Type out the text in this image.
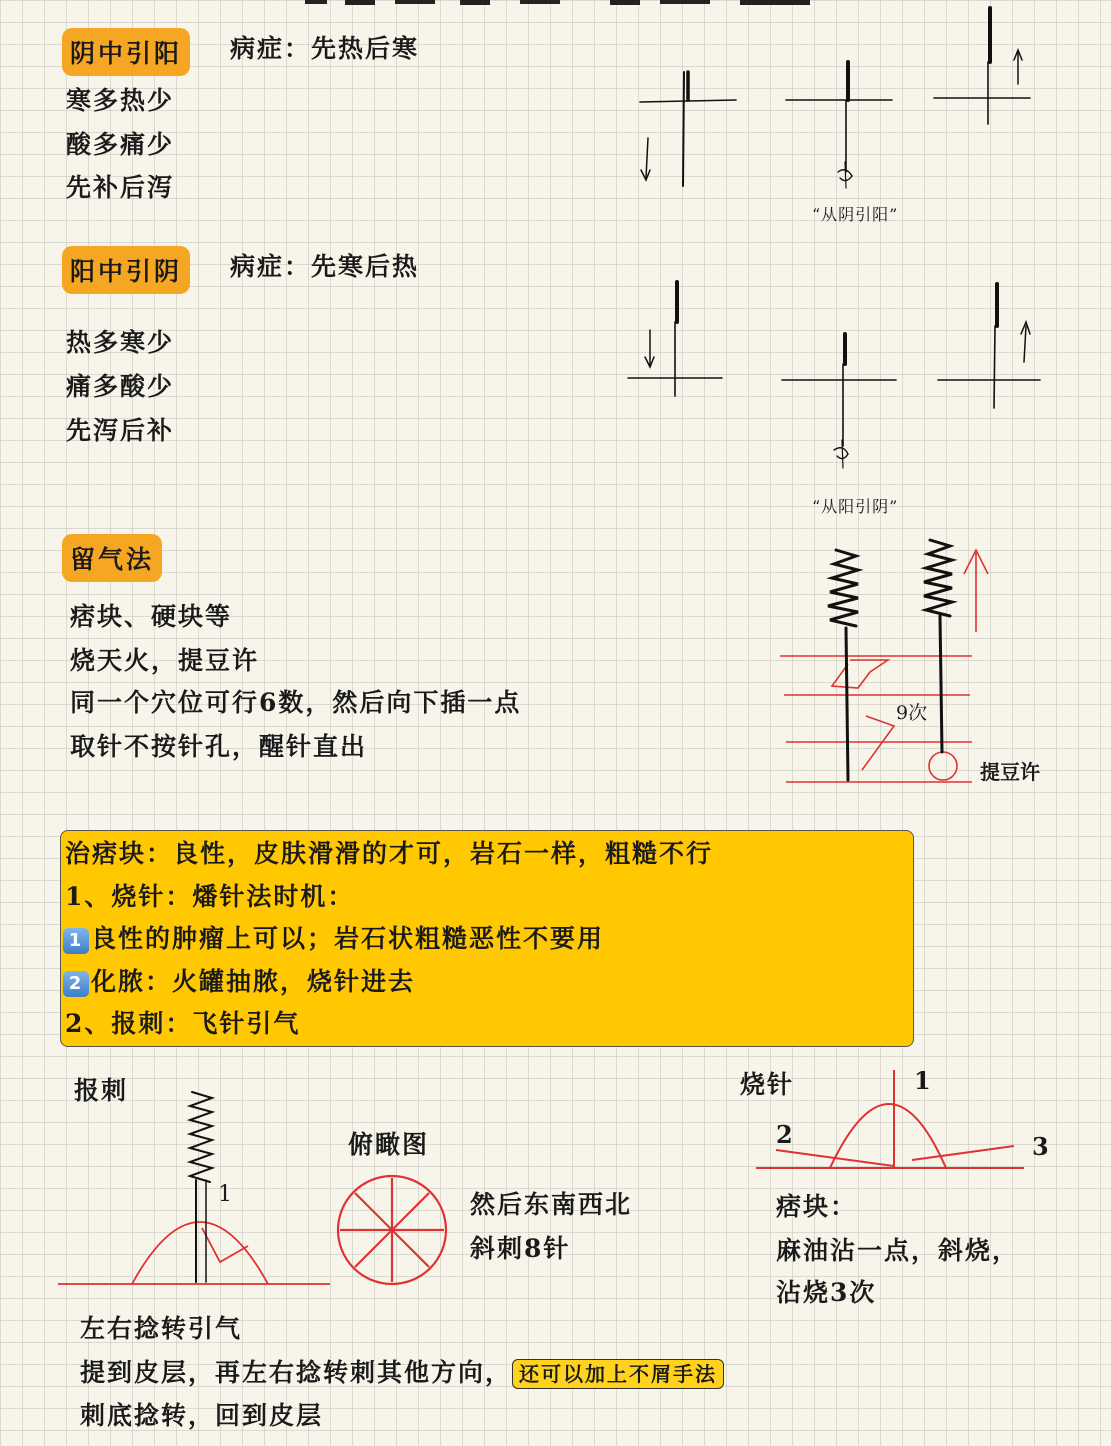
阴中引阳	病症：先热后寒
寒多热少
酸多痛少
先补后泻
“从阴引阳”
阳中引阴	病症：先寒后热
热多寒少
痛多酸少
先泻后补
“从阳引阴”
留气法
痞块、硬块等
烧天火，提豆许
同一个穴位可行6数，然后向下插一点
取针不按针孔，醒针直出
9次
提豆许
治痞块：良性，皮肤滑滑的才可，岩石一样，粗糙不行
1、烧针：燔针法时机：
1 良性的肿瘤上可以；岩石状粗糙恶性不要用
2 化脓：火罐抽脓，烧针进去
2、报刺：飞针引气
报刺
1
俯瞰图
然后东南西北
斜刺8针
烧针	1
2	3
痞块：
麻油沾一点，斜烧，
沾烧3次
左右捻转引气
提到皮层，再左右捻转刺其他方向， 还可以加上不屑手法
刺底捻转，回到皮层
